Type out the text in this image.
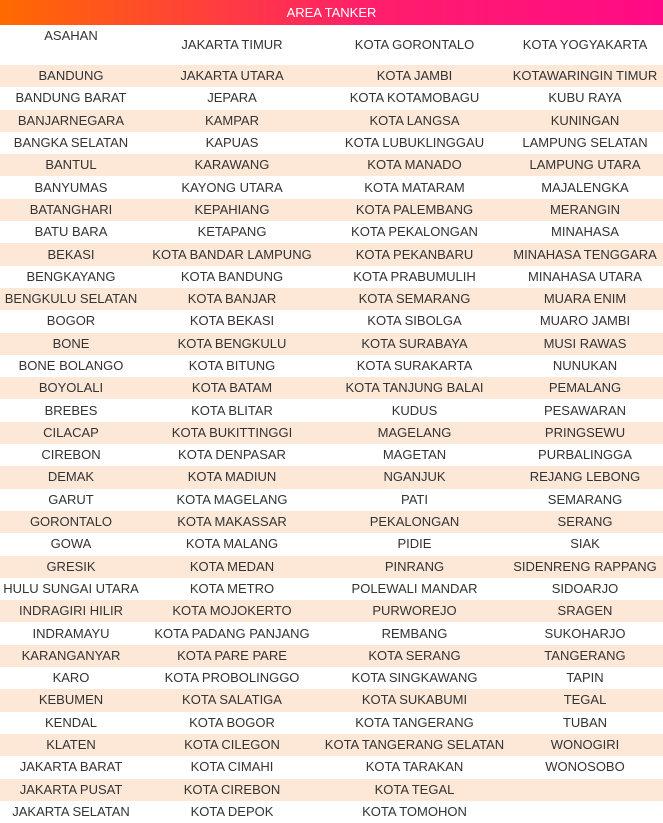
AREA TANKER
ASAHAN	JAKARTA TIMUR	KOTA GORONTALO	KOTA YOGYAKARTA
BANDUNG	JAKARTA UTARA	KOTA JAMBI	KOTAWARINGIN TIMUR
BANDUNG BARAT	JEPARA	KOTA KOTAMOBAGU	KUBU RAYA
BANJARNEGARA	KAMPAR	KOTA LANGSA	KUNINGAN
BANGKA SELATAN	KAPUAS	KOTA LUBUKLINGGAU	LAMPUNG SELATAN
BANTUL	KARAWANG	KOTA MANADO	LAMPUNG UTARA
BANYUMAS	KAYONG UTARA	KOTA MATARAM	MAJALENGKA
BATANGHARI	KEPAHIANG	KOTA PALEMBANG	MERANGIN
BATU BARA	KETAPANG	KOTA PEKALONGAN	MINAHASA
BEKASI	KOTA BANDAR LAMPUNG	KOTA PEKANBARU	MINAHASA TENGGARA
BENGKAYANG	KOTA BANDUNG	KOTA PRABUMULIH	MINAHASA UTARA
BENGKULU SELATAN	KOTA BANJAR	KOTA SEMARANG	MUARA ENIM
BOGOR	KOTA BEKASI	KOTA SIBOLGA	MUARO JAMBI
BONE	KOTA BENGKULU	KOTA SURABAYA	MUSI RAWAS
BONE BOLANGO	KOTA BITUNG	KOTA SURAKARTA	NUNUKAN
BOYOLALI	KOTA BATAM	KOTA TANJUNG BALAI	PEMALANG
BREBES	KOTA BLITAR	KUDUS	PESAWARAN
CILACAP	KOTA BUKITTINGGI	MAGELANG	PRINGSEWU
CIREBON	KOTA DENPASAR	MAGETAN	PURBALINGGA
DEMAK	KOTA MADIUN	NGANJUK	REJANG LEBONG
GARUT	KOTA MAGELANG	PATI	SEMARANG
GORONTALO	KOTA MAKASSAR	PEKALONGAN	SERANG
GOWA	KOTA MALANG	PIDIE	SIAK
GRESIK	KOTA MEDAN	PINRANG	SIDENRENG RAPPANG
HULU SUNGAI UTARA	KOTA METRO	POLEWALI MANDAR	SIDOARJO
INDRAGIRI HILIR	KOTA MOJOKERTO	PURWOREJO	SRAGEN
INDRAMAYU	KOTA PADANG PANJANG	REMBANG	SUKOHARJO
KARANGANYAR	KOTA PARE PARE	KOTA SERANG	TANGERANG
KARO	KOTA PROBOLINGGO	KOTA SINGKAWANG	TAPIN
KEBUMEN	KOTA SALATIGA	KOTA SUKABUMI	TEGAL
KENDAL	KOTA BOGOR	KOTA TANGERANG	TUBAN
KLATEN	KOTA CILEGON	KOTA TANGERANG SELATAN	WONOGIRI
JAKARTA BARAT	KOTA CIMAHI	KOTA TARAKAN	WONOSOBO
JAKARTA PUSAT	KOTA CIREBON	KOTA TEGAL	
JAKARTA SELATAN	KOTA DEPOK	KOTA TOMOHON	
